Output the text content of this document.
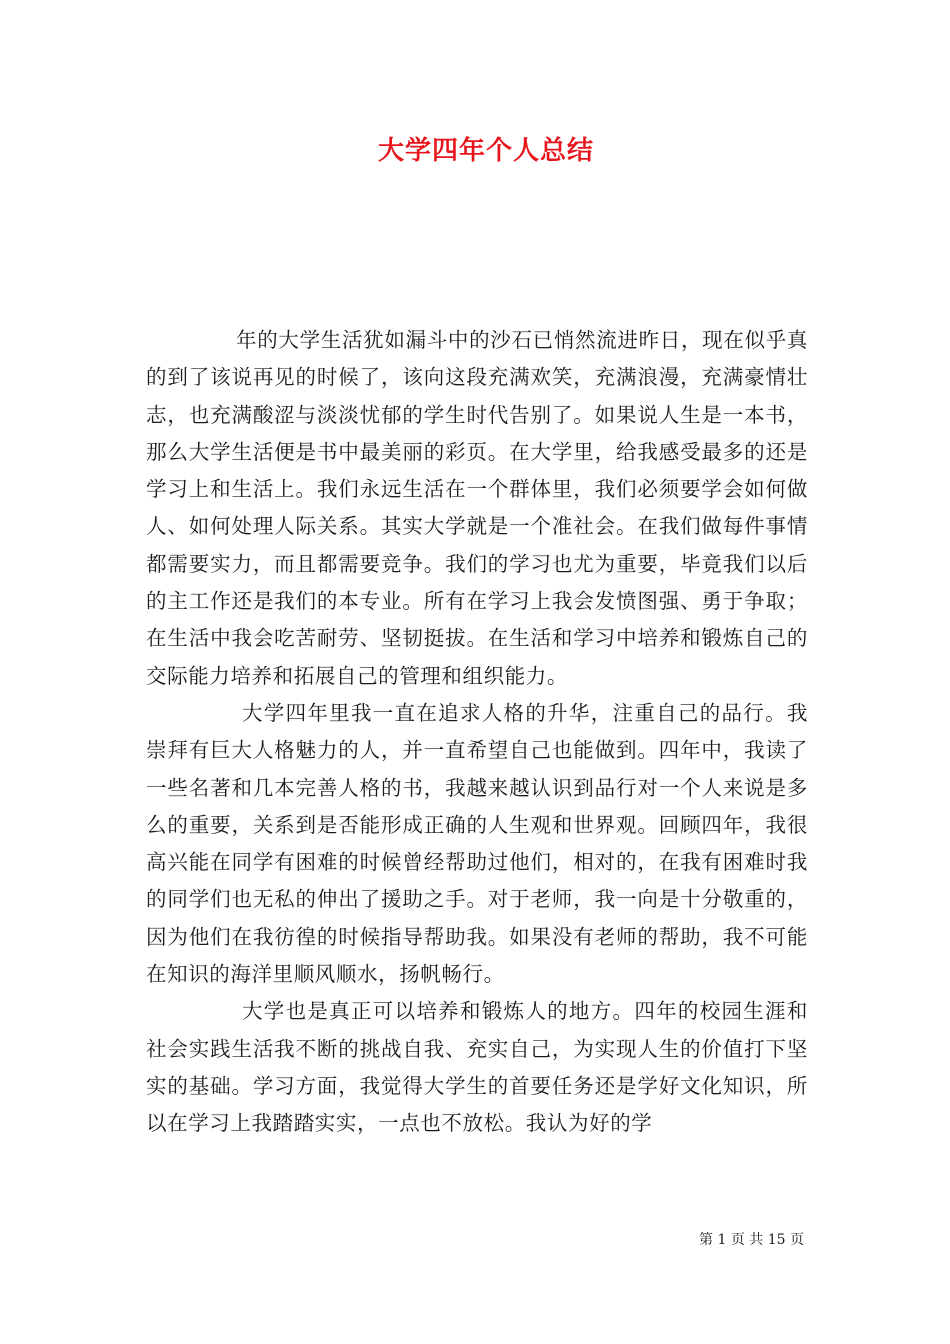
大学四年个人总结

年的大学生活犹如漏斗中的沙石已悄然流进昨日，现在似乎真的到了该说再见的时候了，该向这段充满欢笑，充满浪漫，充满豪情壮志，也充满酸涩与淡淡忧郁的学生时代告别了。如果说人生是一本书，那么大学生活便是书中最美丽的彩页。在大学里，给我感受最多的还是学习上和生活上。我们永远生活在一个群体里，我们必须要学会如何做人、如何处理人际关系。其实大学就是一个准社会。在我们做每件事情都需要实力，而且都需要竞争。我们的学习也尤为重要，毕竟我们以后的主工作还是我们的本专业。所有在学习上我会发愤图强、勇于争取；在生活中我会吃苦耐劳、坚韧挺拔。在生活和学习中培养和锻炼自己的交际能力培养和拓展自己的管理和组织能力。

大学四年里我一直在追求人格的升华，注重自己的品行。我崇拜有巨大人格魅力的人，并一直希望自己也能做到。四年中，我读了一些名著和几本完善人格的书，我越来越认识到品行对一个人来说是多么的重要，关系到是否能形成正确的人生观和世界观。回顾四年，我很高兴能在同学有困难的时候曾经帮助过他们，相对的，在我有困难时我的同学们也无私的伸出了援助之手。对于老师，我一向是十分敬重的，因为他们在我彷徨的时候指导帮助我。如果没有老师的帮助，我不可能在知识的海洋里顺风顺水，扬帆畅行。

大学也是真正可以培养和锻炼人的地方。四年的校园生涯和社会实践生活我不断的挑战自我、充实自己，为实现人生的价值打下坚实的基础。学习方面，我觉得大学生的首要任务还是学好文化知识，所以在学习上我踏踏实实，一点也不放松。我认为好的学

第 1 页 共 15 页
